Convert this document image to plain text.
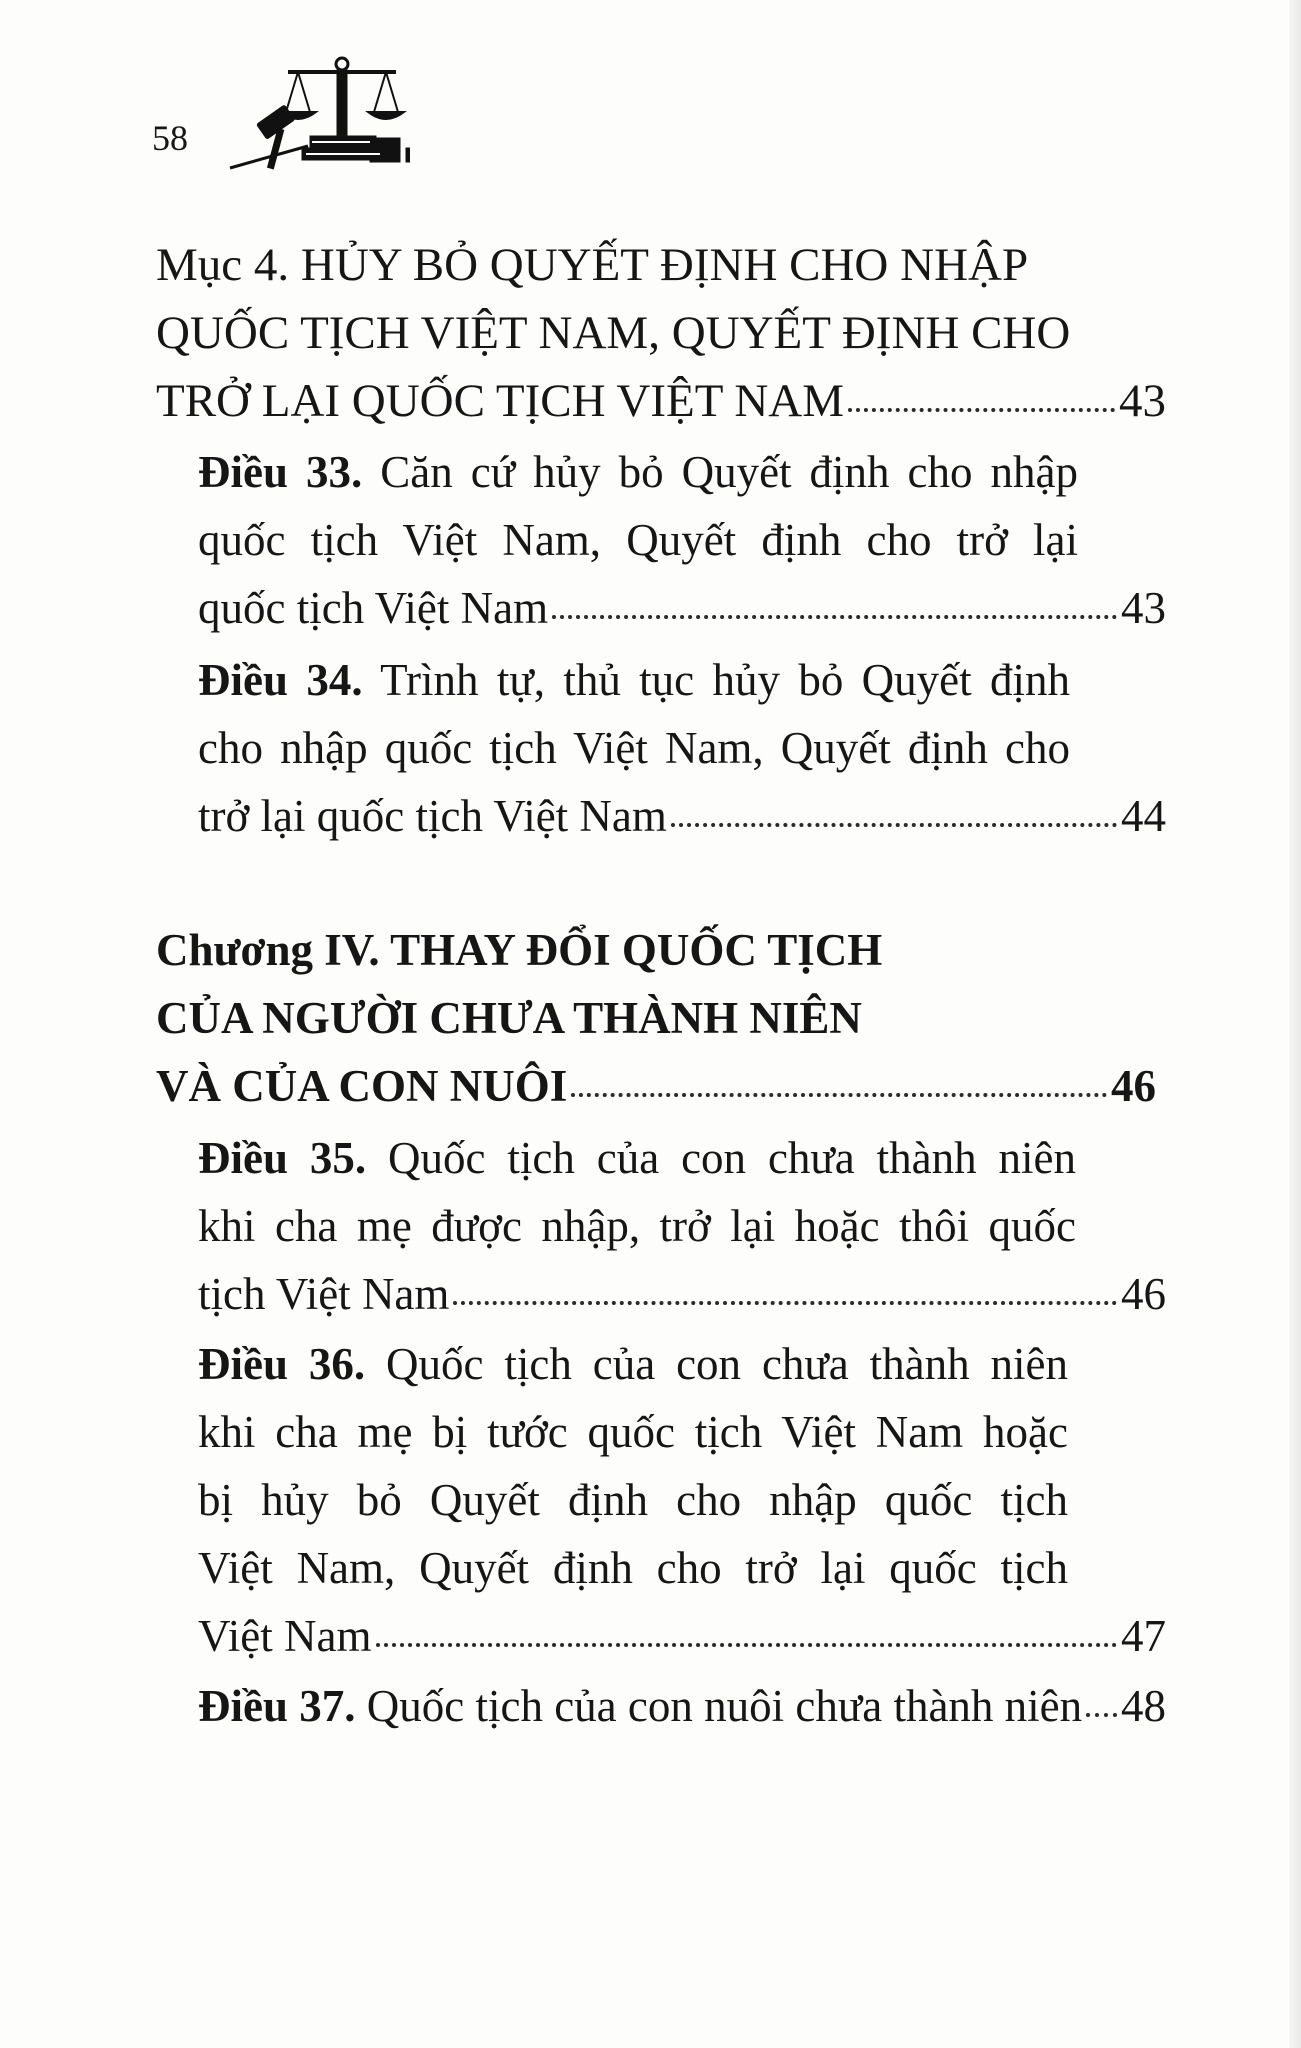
58
Mục 4. HỦY BỎ QUYẾT ĐỊNH CHO NHẬP
QUỐC TỊCH VIỆT NAM, QUYẾT ĐỊNH CHO
TRỞ LẠI QUỐC TỊCH VIỆT NAM	43
Điều 33. Căn cứ hủy bỏ Quyết định cho nhập
quốc tịch Việt Nam, Quyết định cho trở lại
quốc tịch Việt Nam	43
Điều 34. Trình tự, thủ tục hủy bỏ Quyết định
cho nhập quốc tịch Việt Nam, Quyết định cho
trở lại quốc tịch Việt Nam	44
Chương IV. THAY ĐỔI QUỐC TỊCH
CỦA NGƯỜI CHƯA THÀNH NIÊN
VÀ CỦA CON NUÔI	46
Điều 35. Quốc tịch của con chưa thành niên
khi cha mẹ được nhập, trở lại hoặc thôi quốc
tịch Việt Nam	46
Điều 36. Quốc tịch của con chưa thành niên
khi cha mẹ bị tước quốc tịch Việt Nam hoặc
bị hủy bỏ Quyết định cho nhập quốc tịch
Việt Nam, Quyết định cho trở lại quốc tịch
Việt Nam	47
Điều 37. Quốc tịch của con nuôi chưa thành niên 48
